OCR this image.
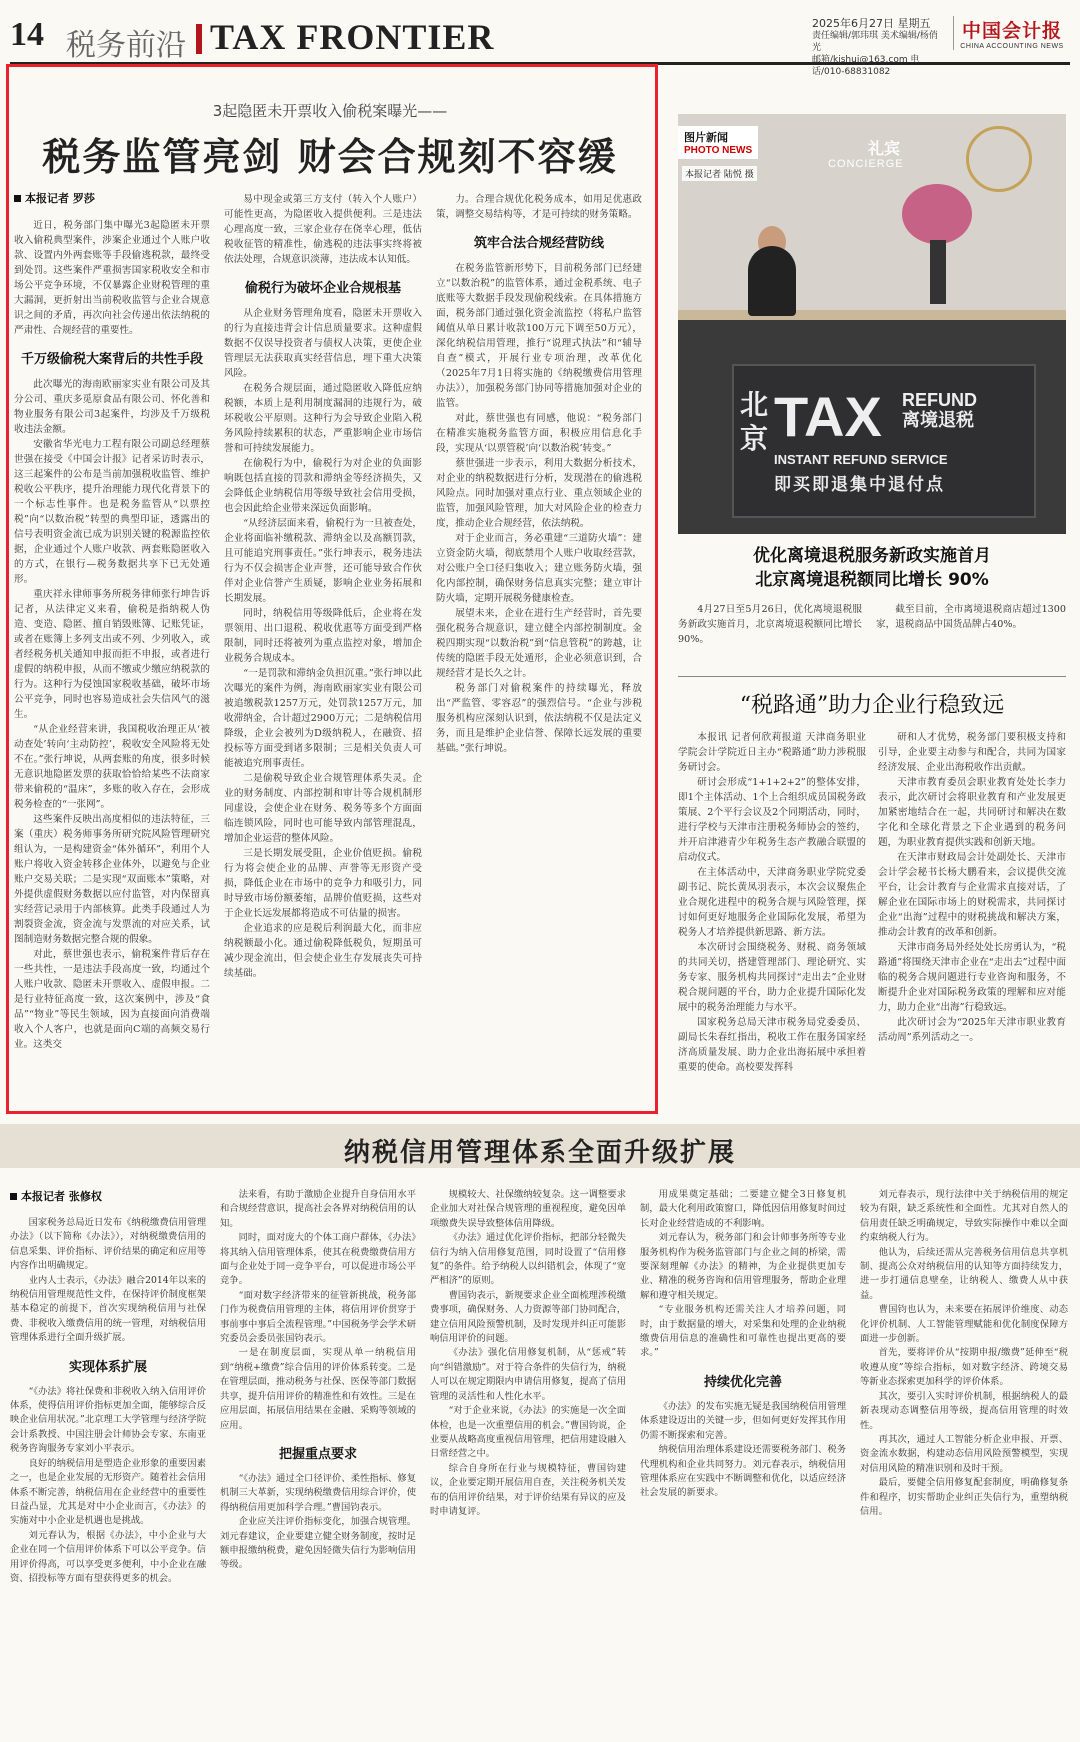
14 税务前沿 TAX FRONTIER	2025年6月27日 星期五
责任编辑/郭玮琪 美术编辑/杨俏光
邮箱/kjshui@163.com 电话/010-68831082
中国会计报
CHINA ACCOUNTING NEWS
3起隐匿未开票收入偷税案曝光——
税务监管亮剑 财会合规刻不容缓
本报记者 罗莎

近日，税务部门集中曝光3起隐匿未开票收入偷税典型案件，涉案企业通过个人账户收款、设置内外两套账等手段偷逃税款，最终受到处罚。这些案件严重损害国家税收安全和市场公平竞争环境，不仅暴露企业财税管理的重大漏洞，更折射出当前税收监管与企业合规意识之间的矛盾，再次向社会传递出依法纳税的严肃性、合规经营的重要性。

千万级偷税大案背后的共性手段

此次曝光的海南欧丽家实业有限公司及其分公司、重庆多觅原食品有限公司、怀化善和物业服务有限公司3起案件，均涉及千万级税收违法金额。

安徽省华光电力工程有限公司副总经理蔡世强在接受《中国会计报》记者采访时表示，这三起案件的公布是当前加强税收监管、维护税收公平秩序，提升治理能力现代化背景下的一个标志性事件。也是税务监管从“以票控税”向“以数治税”转型的典型印证，透露出的信号表明资金流已成为识别关键的税源监控依据，企业通过个人账户收款、两套账隐匿收入的方式，在银行—税务数据共享下已无处遁形。

重庆祥永律师事务所税务律师张行坤告诉记者，从法律定义来看，偷税是指纳税人伪造、变造、隐匿、擅自销毁账簿、记账凭证，或者在账簿上多列支出或不列、少列收入，或者经税务机关通知申报而拒不申报，或者进行虚假的纳税申报，从而不缴或少缴应纳税款的行为。这种行为侵蚀国家税收基础，破坏市场公平竞争，同时也容易造成社会失信风气的滋生。

“从企业经营来讲，我国税收治理正从‘被动查处’转向‘主动防控’，税收安全风险将无处不在。”张行坤说，从两套账的角度，很多时候无意识地隐匿发票的获取恰恰给某些不法商家带来偷税的“温床”，多账的收入存在，会形成税务检查的“一张网”。

这些案件反映出高度相似的违法特征，三案（重庆）税务师事务所研究院风险管理研究组认为，一是构建资金“体外循环”，利用个人账户将收入资金转移企业体外，以避免与企业账户交易关联；二是实现“双面账本”策略，对外提供虚假财务数据以应付监管，对内保留真实经营记录用于内部核算。此类手段通过人为割裂资金流，资金流与发票流的对应关系，试图制造财务数据完整合规的假象。

对此，蔡世强也表示，偷税案件背后存在一些共性，一是违法手段高度一致，均通过个人账户收款、隐匿未开票收入、虚假申报。二是行业特征高度一致，这次案例中，涉及“食品”“物业”等民生领域，因为直接面向消费端收入个人客户，也就是面向C端的高频交易行业。这类交

易中现金或第三方支付（转入个人账户）可能性更高，为隐匿收入提供便利。三是违法心理高度一致，三家企业存在侥幸心理，低估税收征管的精准性，偷逃税的违法事实终将被依法处理，合规意识淡薄，违法成本认知低。

偷税行为破坏企业合规根基

从企业财务管理角度看，隐匿未开票收入的行为直接违背会计信息质量要求。这种虚假数据不仅误导投资者与债权人决策，更使企业管理层无法获取真实经营信息，埋下重大决策风险。

在税务合规层面，通过隐匿收入降低应纳税额，本质上是利用制度漏洞的违规行为，破坏税收公平原则。这种行为会导致企业陷入税务风险持续累积的状态，严重影响企业市场信誉和可持续发展能力。

在偷税行为中，偷税行为对企业的负面影响既包括直接的罚款和滞纳金等经济损失，又会降低企业纳税信用等级导致社会信用受损，也会因此给企业带来深远负面影响。

“从经济层面来看，偷税行为一旦被查处，企业将面临补缴税款、滞纳金以及高额罚款，且可能追究刑事责任。”张行坤表示，税务违法行为不仅会损害企业声誉，还可能导致合作伙伴对企业信誉产生质疑，影响企业业务拓展和长期发展。

同时，纳税信用等级降低后，企业将在发票领用、出口退税、税收优惠等方面受到严格限制，同时还将被列为重点监控对象，增加企业税务合规成本。

“一是罚款和滞纳金负担沉重。”张行坤以此次曝光的案件为例，海南欧丽家实业有限公司被追缴税款1257万元，处罚款1257万元，加收滞纳金，合计超过2900万元；二是纳税信用降级，企业会被列为D级纳税人，在融资、招投标等方面受到诸多限制；三是相关负责人可能被追究刑事责任。

二是偷税导致企业合规管理体系失灵。企业的财务制度、内部控制和审计等合规机制形同虚设，会使企业在财务、税务等多个方面面临连锁风险，同时也可能导致内部管理混乱，增加企业运营的整体风险。

三是长期发展受阻，企业价值贬损。偷税行为将会使企业的品牌、声誉等无形资产受损，降低企业在市场中的竞争力和吸引力，同时导致市场份额萎缩，品牌价值贬损，这些对于企业长远发展都将造成不可估量的损害。

企业追求的应是税后利润最大化，而非应纳税额最小化。通过偷税降低税负，短期虽可减少现金流出，但会使企业生存发展丧失可持续基础。

力。合理合规优化税务成本，如用足优惠政策，调整交易结构等，才是可持续的财务策略。

筑牢合法合规经营防线

在税务监管新形势下，目前税务部门已经建立“以数治税”的监管体系，通过金税系统、电子底账等大数据手段发现偷税线索。在具体措施方面，税务部门通过强化资金流监控（将私户监管阈值从单日累计收款100万元下调至50万元），深化纳税信用管理，推行“说理式执法”和“辅导自查”模式，开展行业专项治理，改革优化（2025年7月1日将实施的《纳税缴费信用管理办法》），加强税务部门协同等措施加强对企业的监管。

对此，蔡世强也有同感，他说：“税务部门在精准实施税务监管方面，积极应用信息化手段，实现从‘以票管税’向‘以数治税’转变。”

蔡世强进一步表示，利用大数据分析技术，对企业的纳税数据进行分析，发现潜在的偷逃税风险点。同时加强对重点行业、重点领域企业的监管，加强风险管理，加大对风险企业的检查力度，推动企业合规经营，依法纳税。

对于企业而言，务必重建“三道防火墙”：建立资金防火墙，彻底禁用个人账户收取经营款，对公账户全口径归集收入；建立账务防火墙，强化内部控制，确保财务信息真实完整；建立审计防火墙，定期开展税务健康检查。

展望未来，企业在进行生产经营时，首先要强化税务合规意识，建立健全内部控制制度。金税四期实现“以数治税”到“信息管税”的跨越，让传统的隐匿手段无处遁形，企业必须意识到，合规经营才是长久之计。

税务部门对偷税案件的持续曝光，释放出“严监管、零容忍”的强烈信号。“企业与涉税服务机构应深刻认识到，依法纳税不仅是法定义务，而且是维护企业信誉、保障长远发展的重要基础。”张行坤说。

礼宾
CONCIERGE
北京 TAX REFUND
离境退税
INSTANT REFUND SERVICE
即买即退集中退付点
图片新闻
PHOTO NEWS
本报记者 陆悦 摄
优化离境退税服务新政实施首月
北京离境退税额同比增长 90%
4月27日至5月26日，优化离境退税服务新政实施首月，北京离境退税额同比增长90%。
截至目前，全市离境退税商店超过1300家，退税商品中国货品牌占40%。
“税路通”助力企业行稳致远

本报讯 记者何欣莉报道 天津商务职业学院会计学院近日主办“税路通”助力涉税服务研讨会。

研讨会形成“1+1+2+2”的整体安排，即1个主体活动、1个上合组织成员国税务政策展、2个平行会议及2个同期活动，同时，进行学校与天津市注册税务师协会的签约，并开启津港青少年税务生态产教融合联盟的启动仪式。

在主体活动中，天津商务职业学院党委副书记、院长黄凤羽表示，本次会议聚焦企业合规化进程中的税务合规与风险管理，探讨如何更好地服务企业国际化发展，希望为税务人才培养提供新思路、新方法。

本次研讨会围绕税务、财税、商务领域的共同关切，搭建管理部门、理论研究、实务专家、服务机构共同探讨“走出去”企业财税合规问题的平台，助力企业提升国际化发展中的税务治理能力与水平。

国家税务总局天津市税务局党委委员、副局长朱春红指出，税收工作在服务国家经济高质量发展、助力企业出海拓展中承担着重要的使命。高校要发挥科

研和人才优势，税务部门要积极支持和引导，企业要主动参与和配合，共同为国家经济发展、企业出海税收作出贡献。

天津市教育委员会职业教育处处长李力表示，此次研讨会将职业教育和产业发展更加紧密地结合在一起，共同研讨和解决在数字化和全球化背景之下企业遇到的税务问题，为职业教育提供实践和创新天地。

在天津市财政局会计处副处长、天津市会计学会秘书长杨大鹏看来，会议提供交流平台，让会计教育与企业需求直接对话，了解企业在国际市场上的财税需求，共同探讨企业“出海”过程中的财税挑战和解决方案，推动会计教育的改革和创新。

天津市商务局外经处处长房勇认为，“税路通”将围绕天津市企业在“走出去”过程中面临的税务合规问题进行专业咨询和服务，不断提升企业对国际税务政策的理解和应对能力，助力企业“出海”行稳致远。

此次研讨会为“2025年天津市职业教育活动周”系列活动之一。

纳税信用管理体系全面升级扩展
本报记者 张修权

国家税务总局近日发布《纳税缴费信用管理办法》（以下简称《办法》），对纳税缴费信用的信息采集、评价指标、评价结果的确定和应用等内容作出明确规定。

业内人士表示，《办法》融合2014年以来的纳税信用管理规范性文件，在保持评价制度框架基本稳定的前提下，首次实现纳税信用与社保费、非税收入缴费信用的统一管理，对纳税信用管理体系进行全面升级扩展。

实现体系扩展

“《办法》将社保费和非税收入纳入信用评价体系，使得信用评价指标更加全面，能够综合反映企业信用状况。”北京理工大学管理与经济学院会计系教授、中国注册会计师协会专家、东南亚税务咨询服务专家刘小平表示。

良好的纳税信用是塑造企业形象的重要因素之一，也是企业发展的无形资产。随着社会信用体系不断完善，纳税信用在企业经营中的重要性日益凸显，尤其是对中小企业而言，《办法》的实施对中小企业是机遇也是挑战。

刘元春认为，根据《办法》，中小企业与大企业在同一个信用评价体系下可以公平竞争。信用评价得高，可以享受更多便利，中小企业在融资、招投标等方面有望获得更多的机会。

法来看，有助于激励企业提升自身信用水平和合规经营意识，提高社会各界对纳税信用的认知。

同时，面对庞大的个体工商户群体，《办法》将其纳入信用管理体系，使其在税费缴费信用方面与企业处于同一竞争平台，可以促进市场公平竞争。

“面对数字经济带来的征管新挑战，税务部门作为税费信用管理的主体，将信用评价贯穿于事前事中事后全流程管理。”中国税务学会学术研究委员会委员张国钧表示。

一是在制度层面，实现从单一纳税信用到“纳税+缴费”综合信用的评价体系转变。二是在管理层面，推动税务与社保、医保等部门数据共享，提升信用评价的精准性和有效性。三是在应用层面，拓展信用结果在金融、采购等领域的应用。

把握重点要求

“《办法》通过全口径评价、柔性指标、修复机制三大革新，实现纳税缴费信用综合评价，使得纳税信用更加科学合理。”曹国钧表示。

企业应关注评价指标变化，加强合规管理。刘元春建议，企业要建立健全财务制度，按时足额申报缴纳税费，避免因轻微失信行为影响信用等级。

规模较大、社保缴纳较复杂。这一调整要求企业加大对社保合规管理的重视程度，避免因单项缴费失误导致整体信用降级。

《办法》通过优化评价指标，把部分轻微失信行为纳入信用修复范围，同时设置了“信用修复”的条件。给予纳税人以纠错机会，体现了“宽严相济”的原则。

曹国钧表示，新规要求企业全面梳理涉税缴费事项，确保财务、人力资源等部门协同配合，建立信用风险预警机制，及时发现并纠正可能影响信用评价的问题。

《办法》强化信用修复机制，从“惩戒”转向“纠错激励”。对于符合条件的失信行为，纳税人可以在规定期限内申请信用修复，提高了信用管理的灵活性和人性化水平。

“对于企业来说，《办法》的实施是一次全面体检，也是一次重塑信用的机会。”曹国钧说，企业要从战略高度重视信用管理，把信用建设融入日常经营之中。

综合自身所在行业与规模特征，曹国钧建议，企业要定期开展信用自查，关注税务机关发布的信用评价结果，对于评价结果有异议的应及时申请复评。

用成果奠定基础；二要建立健全3日修复机制，最大化利用政策窗口，降低因信用修复时间过长对企业经营造成的不利影响。

刘元春认为，税务部门和会计师事务所等专业服务机构作为税务监管部门与企业之间的桥梁，需要深刻理解《办法》的精神，为企业提供更加专业、精准的税务咨询和信用管理服务，帮助企业理解和遵守相关规定。

“专业服务机构还需关注人才培养问题，同时，由于数据量的增大，对采集和处理的企业纳税缴费信用信息的准确性和可靠性也提出更高的要求。”

持续优化完善

《办法》的发布实施无疑是我国纳税信用管理体系建设迈出的关键一步，但如何更好发挥其作用仍需不断探索和完善。

纳税信用治理体系建设还需要税务部门、税务代理机构和企业共同努力。刘元春表示，纳税信用管理体系应在实践中不断调整和优化，以适应经济社会发展的新要求。

刘元春表示，现行法律中关于纳税信用的规定较为有限，缺乏系统性和全面性。尤其对自然人的信用责任缺乏明确规定，导致实际操作中难以全面约束纳税人行为。

他认为，后续还需从完善税务信用信息共享机制、提高公众对纳税信用的认知等方面持续发力，进一步打通信息壁垒，让纳税人、缴费人从中获益。

曹国钧也认为，未来要在拓展评价维度、动态化评价机制、人工智能管理赋能和优化制度保障方面进一步创新。

首先，要将评价从“按期申报/缴费”延伸至“税收遵从度”等综合指标，如对数字经济、跨境交易等新业态探索更加科学的评价体系。

其次，要引入实时评价机制，根据纳税人的最新表现动态调整信用等级，提高信用管理的时效性。

再其次，通过人工智能分析企业申报、开票、资金流水数据，构建动态信用风险预警模型，实现对信用风险的精准识别和及时干预。

最后，要健全信用修复配套制度，明确修复条件和程序，切实帮助企业纠正失信行为，重塑纳税信用。
